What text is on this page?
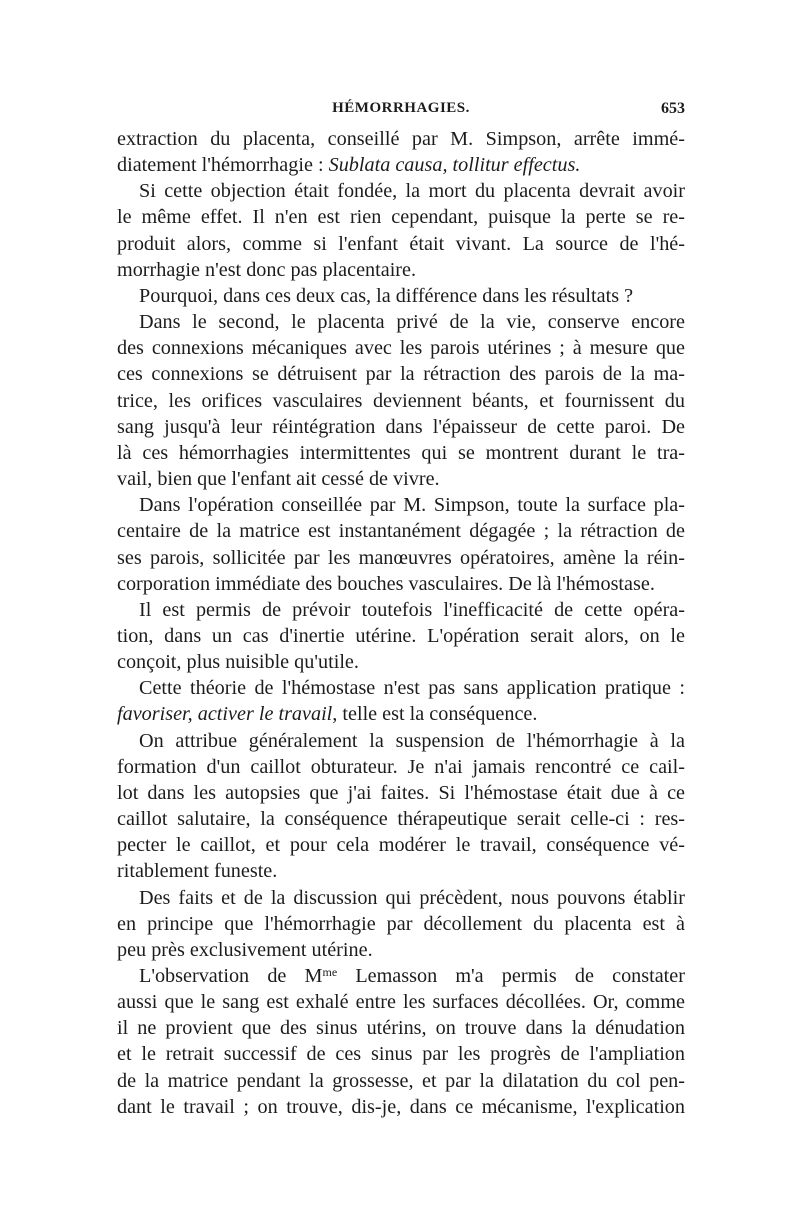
HÉMORRHAGIES.	653
extraction du placenta, conseillé par M. Simpson, arrête immé-
diatement l'hémorrhagie : Sublata causa, tollitur effectus.
Si cette objection était fondée, la mort du placenta devrait avoir
le même effet. Il n'en est rien cependant, puisque la perte se re-
produit alors, comme si l'enfant était vivant. La source de l'hé-
morrhagie n'est donc pas placentaire.
Pourquoi, dans ces deux cas, la différence dans les résultats ?
Dans le second, le placenta privé de la vie, conserve encore
des connexions mécaniques avec les parois utérines ; à mesure que
ces connexions se détruisent par la rétraction des parois de la ma-
trice, les orifices vasculaires deviennent béants, et fournissent du
sang jusqu'à leur réintégration dans l'épaisseur de cette paroi. De
là ces hémorrhagies intermittentes qui se montrent durant le tra-
vail, bien que l'enfant ait cessé de vivre.
Dans l'opération conseillée par M. Simpson, toute la surface pla-
centaire de la matrice est instantanément dégagée ; la rétraction de
ses parois, sollicitée par les manœuvres opératoires, amène la réin-
corporation immédiate des bouches vasculaires. De là l'hémostase.
Il est permis de prévoir toutefois l'inefficacité de cette opéra-
tion, dans un cas d'inertie utérine. L'opération serait alors, on le
conçoit, plus nuisible qu'utile.
Cette théorie de l'hémostase n'est pas sans application pratique :
favoriser, activer le travail, telle est la conséquence.
On attribue généralement la suspension de l'hémorrhagie à la
formation d'un caillot obturateur. Je n'ai jamais rencontré ce cail-
lot dans les autopsies que j'ai faites. Si l'hémostase était due à ce
caillot salutaire, la conséquence thérapeutique serait celle-ci : res-
pecter le caillot, et pour cela modérer le travail, conséquence vé-
ritablement funeste.
Des faits et de la discussion qui précèdent, nous pouvons établir
en principe que l'hémorrhagie par décollement du placenta est à
peu près exclusivement utérine.
L'observation de $M^{me}$ Lemasson m'a permis de constater
aussi que le sang est exhalé entre les surfaces décollées. Or, comme
il ne provient que des sinus utérins, on trouve dans la dénudation
et le retrait successif de ces sinus par les progrès de l'ampliation
de la matrice pendant la grossesse, et par la dilatation du col pen-
dant le travail ; on trouve, dis-je, dans ce mécanisme, l'explication
